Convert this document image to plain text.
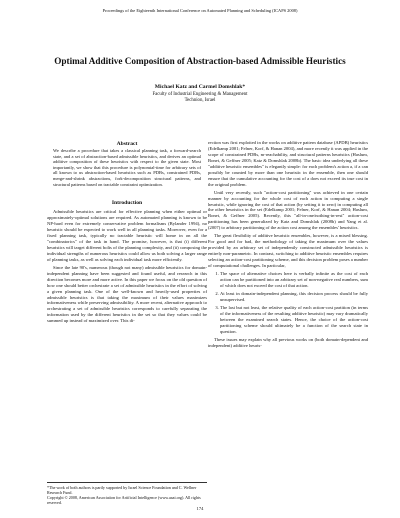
Proceedings of the Eighteenth International Conference on Automated Planning and Scheduling (ICAPS 2008)
Optimal Additive Composition of Abstraction-based Admissible Heuristics
Michael Katz and Carmel Domshlak*
Faculty of Industrial Engineering & Management
Technion, Israel
Abstract

We describe a procedure that takes a classical planning task, a forward-search state, and a set of abstraction-based admissible heuristics, and derives an optimal additive composition of these heuristics with respect to the given state. Most importantly, we show that this procedure is polynomial-time for arbitrary sets of all known to us abstraction-based heuristics such as PDBs, constrained PDBs, merge-and-shrink abstractions, fork-decomposition structural patterns, and structural patterns based on tractable constraint optimization.

Introduction

Admissible heuristics are critical for effective planning when either optimal or approximately-optimal solutions are required. As automated planning is known to be NP-hard even for extremely conservative problem formalisms (Bylander 1994), no heuristic should be expected to work well in all planning tasks. Moreover, even for a fixed planning task, typically no tractable heuristic will home in on all the "combinatorics" of the task in hand. The promise, however, is that (i) different heuristics will target different bolts of the planning complexity, and (ii) composing the individual strengths of numerous heuristics could allow us both solving a larger range of planning tasks, as well as solving each individual task more efficiently.

Since the late 90's, numerous (though not many) admissible heuristics for domain-independent planning have been suggested and found useful, and research in this direction becomes more and more active. In this paper we focus on the old question of how one should better orchestrate a set of admissible heuristics in the effort of solving a given planning task. One of the well-known and heavily-used properties of admissible heuristics is that taking the maximum of their values maximizes informativeness while preserving admissibility. A more recent, alternative approach to orchestrating a set of admissible heuristics corresponds to carefully separating the information used by the different heuristics in the set so that they values could be summed up instead of maximized over. This di-

rection was first exploited in the works on additive pattern database (APDB) heuristics (Edelkamp 2001; Felner, Korf, & Hanan 2004), and more recently it was applied in the scope of constrained PDBs, m-reachability, and structural patterns heuristics (Haslum, Bonet, & Geffner 2005; Katz & Domshlak 2008b). The basic idea underlying all these "additive heuristic ensembles" is elegantly simple: for each problem's action a, if a can possibly be counted by more than one heuristic in the ensemble, then one should ensure that the cumulative accounting for the cost of a does not exceed its true cost in the original problem.

Until very recently, such "action-cost partitioning" was achieved in one certain manner by accounting for the whole cost of each action in computing a single heuristic, while ignoring the cost of that action (by setting it to zero) in computing all the other heuristics in the set (Edelkamp 2001; Felner, Korf, & Hanan 2004; Haslum, Bonet, & Geffner 2005). Recently, this "all-in-one/nothing-in-rest" action-cost partitioning has been generalized by Katz and Domshlak (2008b) and Yang et al. (2007) to arbitrary partitioning of the action cost among the ensembles' heuristics.

The great flexibility of additive heuristic ensembles, however, is a mixed blessing. For good and for bad, the methodology of taking the maximum over the values provided by an arbitrary set of independently constructed admissible heuristics is entirely non-parametric. In contrast, switching to additive heuristic ensembles requires selecting an action-cost partitioning scheme, and this decision problem poses a number of computational challenges. In particular,

1. The space of alternative choices here is verbally infinite as the cost of each action can be partitioned into an arbitrary set of non-negative real numbers, sum of which does not exceed the cost of that action.
2. At least in domain-independent planning, this decision process should be fully unsupervised.
3. The last but not least, the relative quality of each action-cost partition (in terms of the informativeness of the resulting additive heuristic) may vary dramatically between the examined search states. Hence, the choice of the action-cost partitioning scheme should ultimately be a function of the search state in question.

These issues may explain why all previous works on (both domain-dependent and independent) additive heuris-

*The work of both authors is partly supported by Israel Science Foundation and C. Wellner Research Fund.
Copyright © 2008, American Association for Artificial Intelligence (www.aaai.org). All rights reserved.
174
